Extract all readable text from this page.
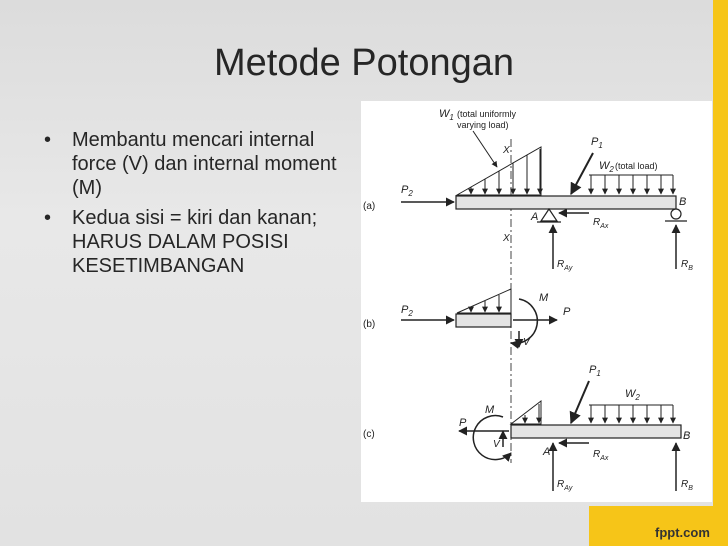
Metode Potongan
• Membantu mencari internal force (V) dan internal moment (M)
• Kedua sisi = kiri dan kanan; HARUS DALAM POSISI KESETIMBANGAN
(a)
$W_1$ (total uniformly
varying load)
X
$P_1$
$W_2$ (total load)
$P_2$
A
B
$R_{Ax}$
$R_{Ay}$	$R_B$
X
(b)
$P_2$
M
P
V
(c)
$P_1$
$W_2$
M
P
V
A
B
$R_{Ax}$
$R_{Ay}$	$R_B$
fppt.com
